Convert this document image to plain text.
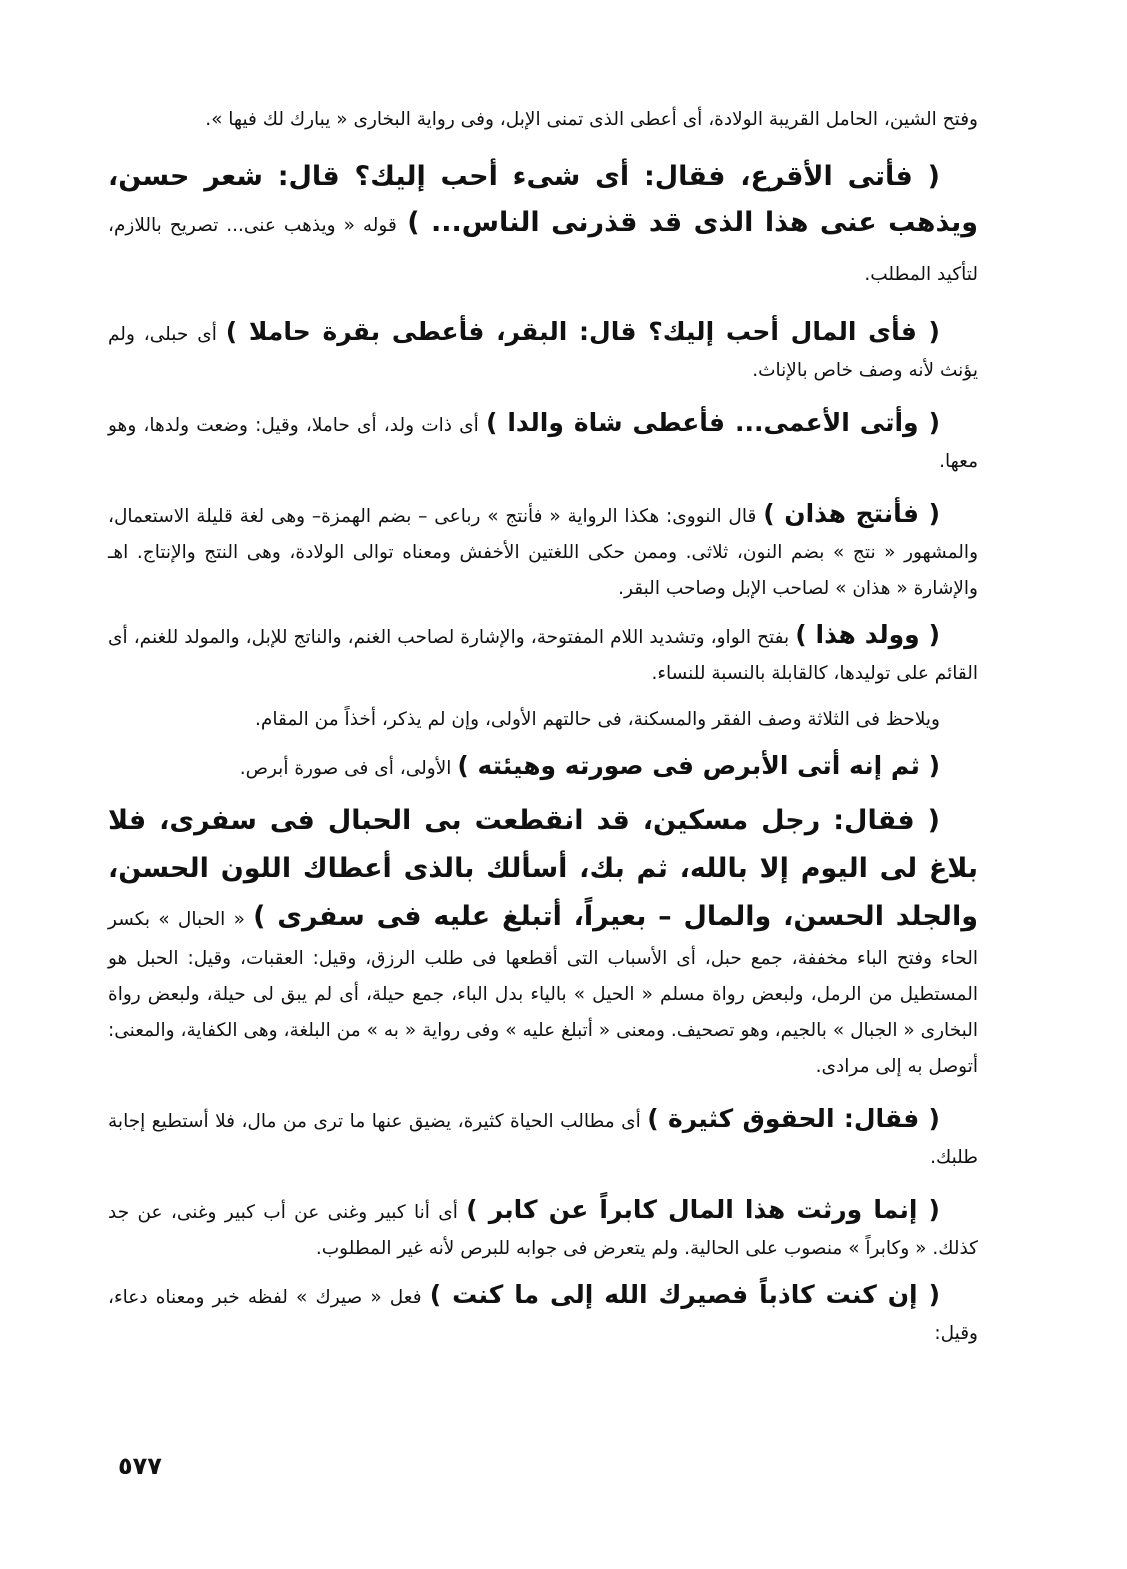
وفتح الشين، الحامل القريبة الولادة، أى أعطى الذى تمنى الإبل، وفى رواية البخارى « يبارك لك فيها ».

( فأتى الأقرع، فقال: أى شىء أحب إليك؟ قال: شعر حسن، ويذهب عنى هذا الذى قد قذرنى الناس... ) قوله « ويذهب عنى... تصريح باللازم، لتأكيد المطلب.

( فأى المال أحب إليك؟ قال: البقر، فأعطى بقرة حاملا ) أى حبلى، ولم يؤنث لأنه وصف خاص بالإناث.

( وأتى الأعمى... فأعطى شاة والدا ) أى ذات ولد، أى حاملا، وقيل: وضعت ولدها، وهو معها.

( فأنتج هذان ) قال النووى: هكذا الرواية « فأنتج » رباعى – بضم الهمزة– وهى لغة قليلة الاستعمال، والمشهور « نتج » بضم النون، ثلاثى. وممن حكى اللغتين الأخفش ومعناه توالى الولادة، وهى النتج والإنتاج. اهـ والإشارة « هذان » لصاحب الإبل وصاحب البقر.

( وولد هذا ) بفتح الواو، وتشديد اللام المفتوحة، والإشارة لصاحب الغنم، والناتج للإبل، والمولد للغنم، أى القائم على توليدها، كالقابلة بالنسبة للنساء.

ويلاحظ فى الثلاثة وصف الفقر والمسكنة، فى حالتهم الأولى، وإن لم يذكر، أخذاً من المقام.

( ثم إنه أتى الأبرص فى صورته وهيئته ) الأولى، أى فى صورة أبرص.

( فقال: رجل مسكين، قد انقطعت بى الحبال فى سفرى، فلا بلاغ لى اليوم إلا بالله، ثم بك، أسألك بالذى أعطاك اللون الحسن، والجلد الحسن، والمال – بعيراً، أتبلغ عليه فى سفرى ) « الحبال » بكسر الحاء وفتح الباء مخففة، جمع حبل، أى الأسباب التى أقطعها فى طلب الرزق، وقيل: العقبات، وقيل: الحبل هو المستطيل من الرمل، ولبعض رواة مسلم « الحيل » بالياء بدل الباء، جمع حيلة، أى لم يبق لى حيلة، ولبعض رواة البخارى « الجبال » بالجيم، وهو تصحيف. ومعنى « أتبلغ عليه » وفى رواية « به » من البلغة، وهى الكفاية، والمعنى: أتوصل به إلى مرادى.

( فقال: الحقوق كثيرة ) أى مطالب الحياة كثيرة، يضيق عنها ما ترى من مال، فلا أستطيع إجابة طلبك.

( إنما ورثت هذا المال كابراً عن كابر ) أى أنا كبير وغنى عن أب كبير وغنى، عن جد كذلك. « وكابراً » منصوب على الحالية. ولم يتعرض فى جوابه للبرص لأنه غير المطلوب.

( إن كنت كاذباً فصيرك الله إلى ما كنت ) فعل « صيرك » لفظه خبر ومعناه دعاء، وقيل:

٥٧٧
